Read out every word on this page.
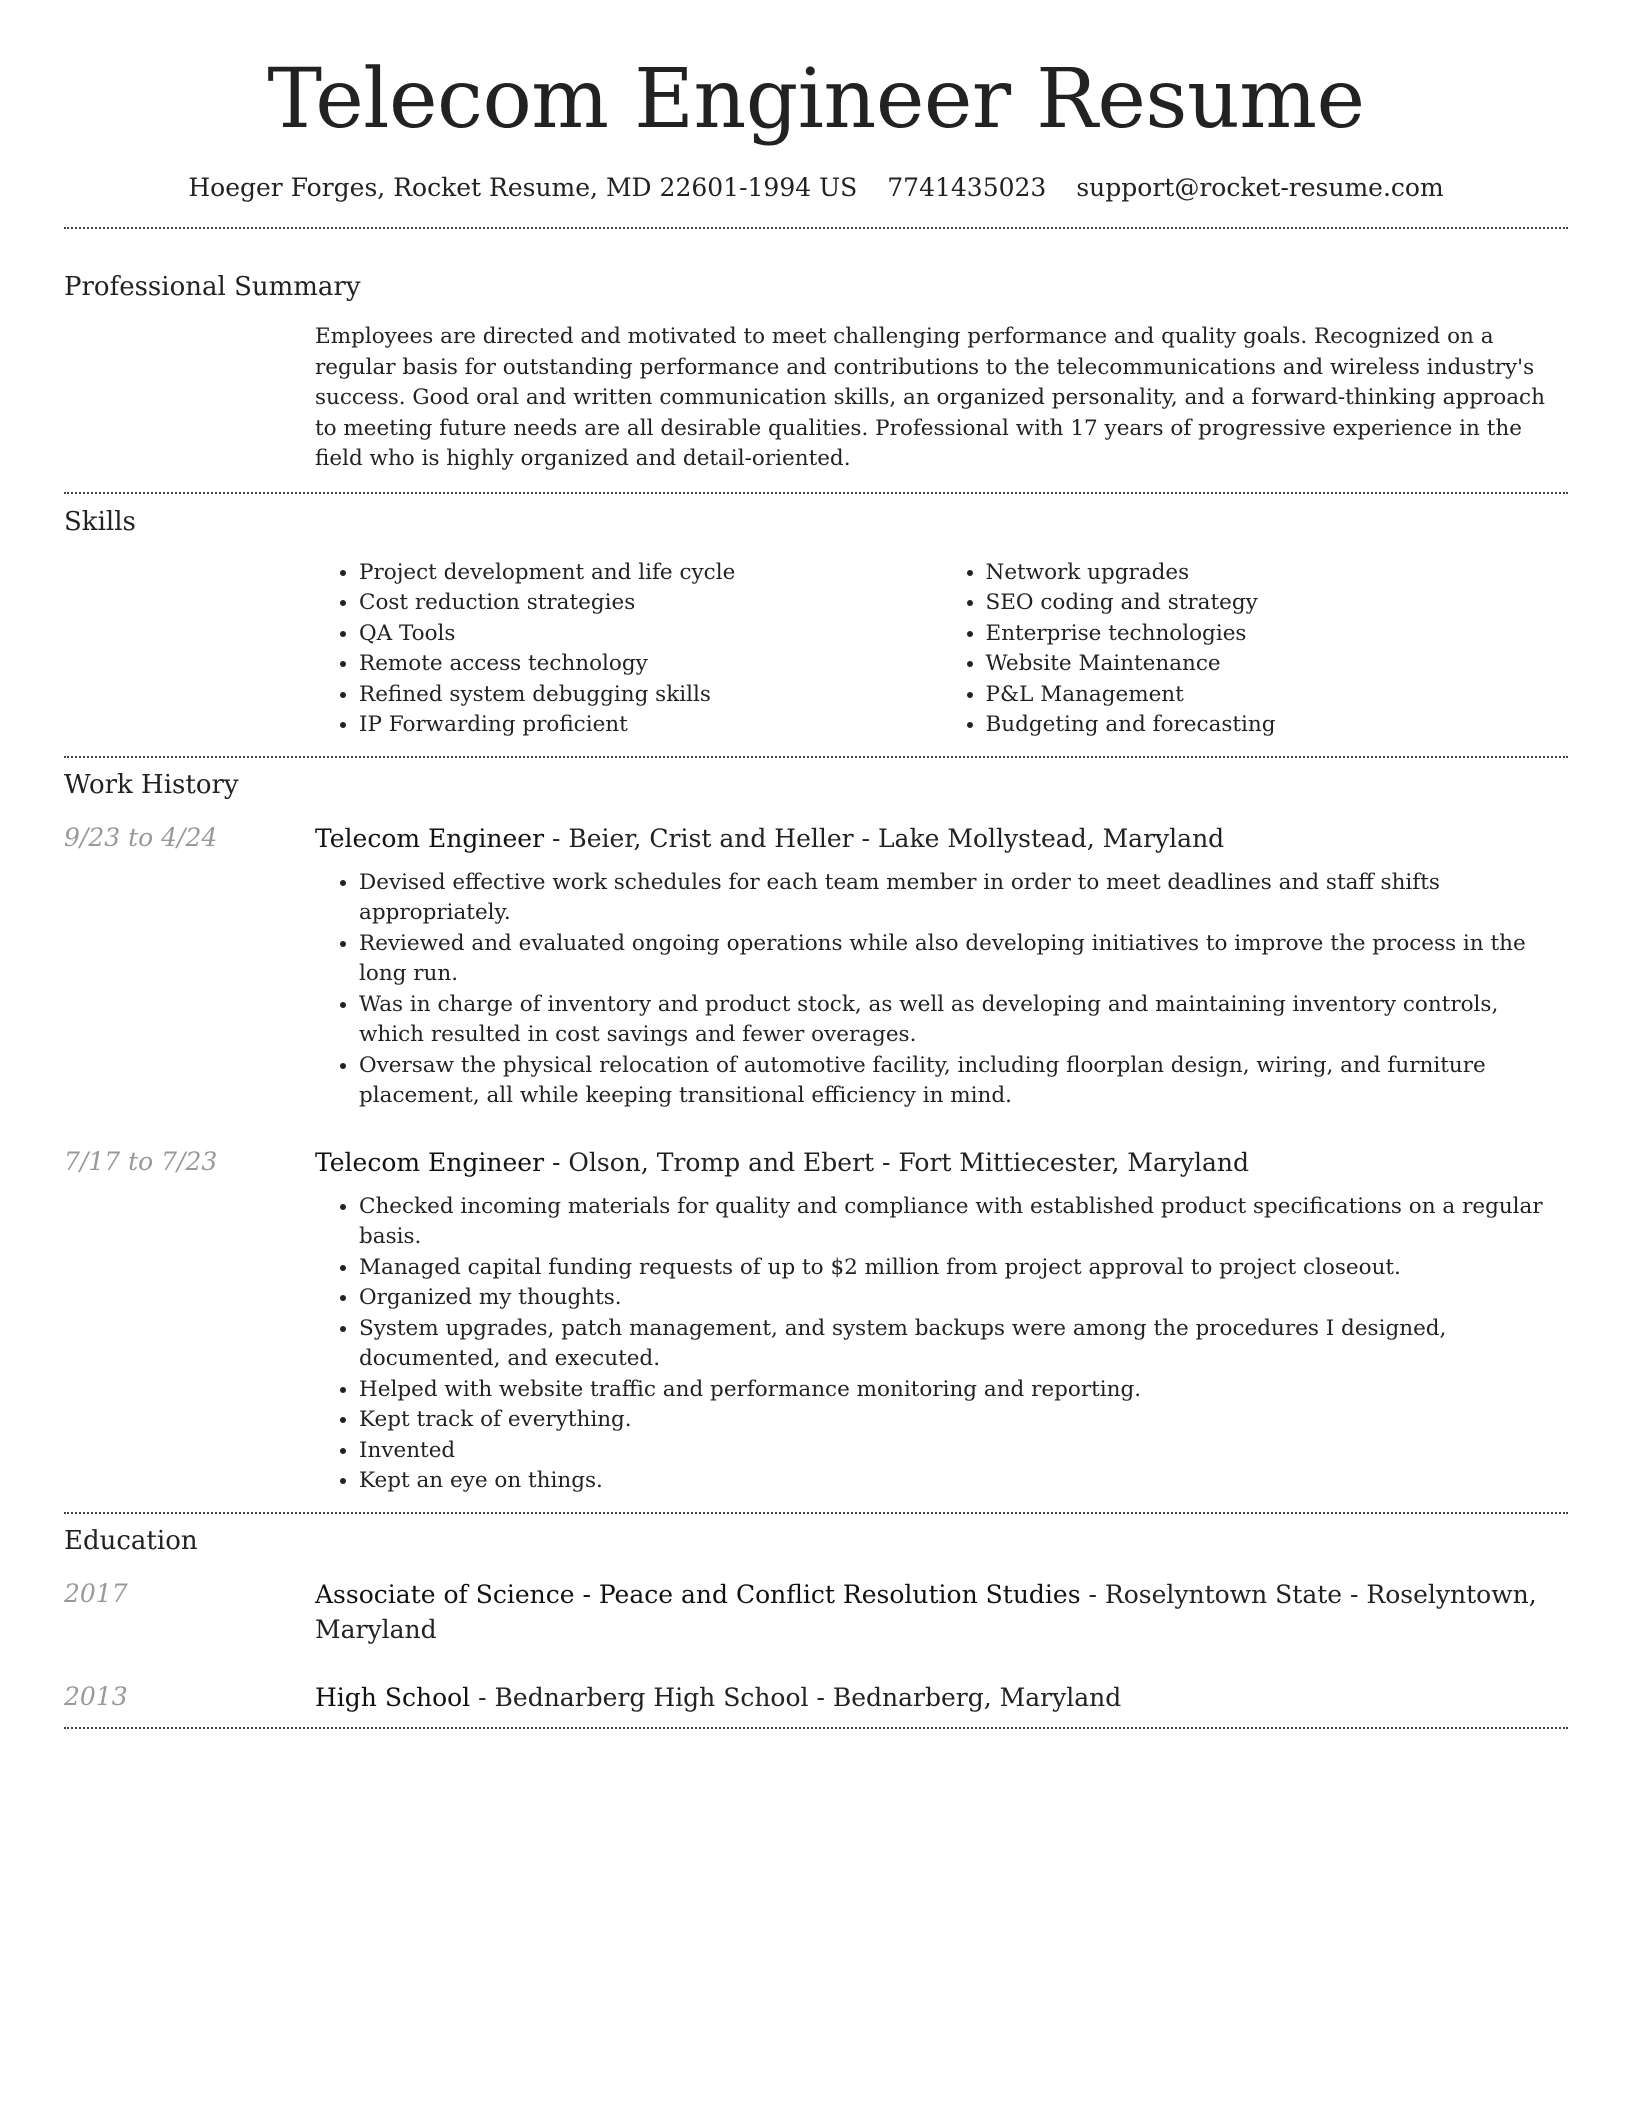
Telecom Engineer Resume
Hoeger Forges, Rocket Resume, MD 22601-1994 US 7741435023 support@rocket-resume.com
Professional Summary
Employees are directed and motivated to meet challenging performance and quality goals. Recognized on a regular basis for outstanding performance and contributions to the telecommunications and wireless industry's success. Good oral and written communication skills, an organized personality, and a forward-thinking approach to meeting future needs are all desirable qualities. Professional with 17 years of progressive experience in the field who is highly organized and detail-oriented.
Skills
• Project development and life cycle
• Cost reduction strategies
• QA Tools
• Remote access technology
• Refined system debugging skills
• IP Forwarding proficient
• Network upgrades
• SEO coding and strategy
• Enterprise technologies
• Website Maintenance
• P&L Management
• Budgeting and forecasting
Work History
9/23 to 4/24	Telecom Engineer - Beier, Crist and Heller - Lake Mollystead, Maryland
• Devised effective work schedules for each team member in order to meet deadlines and staff shifts appropriately.
• Reviewed and evaluated ongoing operations while also developing initiatives to improve the process in the long run.
• Was in charge of inventory and product stock, as well as developing and maintaining inventory controls, which resulted in cost savings and fewer overages.
• Oversaw the physical relocation of automotive facility, including floorplan design, wiring, and furniture placement, all while keeping transitional efficiency in mind.
7/17 to 7/23	Telecom Engineer - Olson, Tromp and Ebert - Fort Mittiecester, Maryland
• Checked incoming materials for quality and compliance with established product specifications on a regular basis.
• Managed capital funding requests of up to $2 million from project approval to project closeout.
• Organized my thoughts.
• System upgrades, patch management, and system backups were among the procedures I designed, documented, and executed.
• Helped with website traffic and performance monitoring and reporting.
• Kept track of everything.
• Invented
• Kept an eye on things.
Education
2017	Associate of Science - Peace and Conflict Resolution Studies - Roselyntown State - Roselyntown, Maryland
2013	High School - Bednarberg High School - Bednarberg, Maryland
